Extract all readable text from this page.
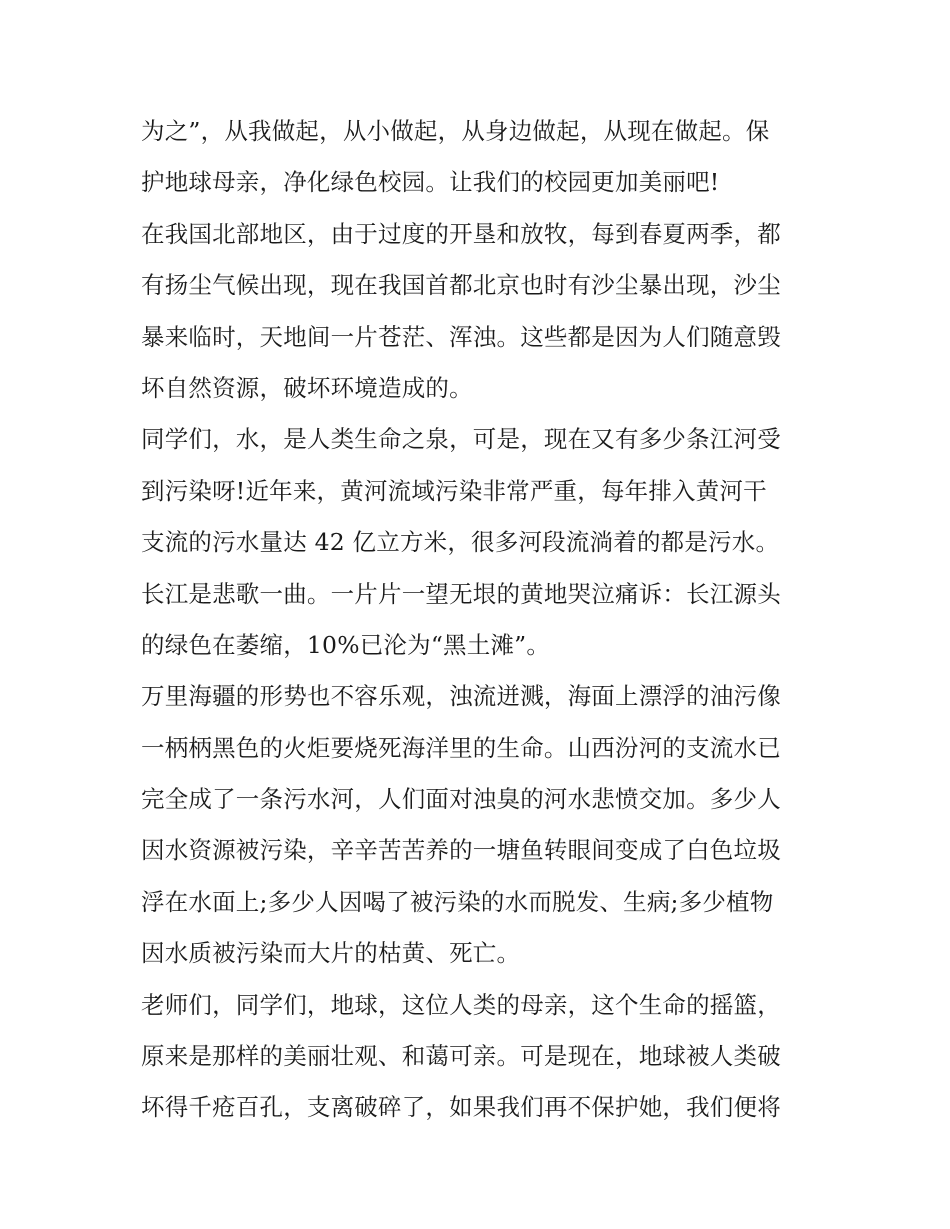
为之”，从我做起，从小做起，从身边做起，从现在做起。保
护地球母亲，净化绿色校园。让我们的校园更加美丽吧!
在我国北部地区，由于过度的开垦和放牧，每到春夏两季，都
有扬尘气候出现，现在我国首都北京也时有沙尘暴出现，沙尘
暴来临时，天地间一片苍茫、浑浊。这些都是因为人们随意毁
坏自然资源，破坏环境造成的。
同学们，水，是人类生命之泉，可是，现在又有多少条江河受
到污染呀!近年来，黄河流域污染非常严重，每年排入黄河干
支流的污水量达 42 亿立方米，很多河段流淌着的都是污水。
长江是悲歌一曲。一片片一望无垠的黄地哭泣痛诉：长江源头
的绿色在萎缩，10%已沦为“黑土滩”。
万里海疆的形势也不容乐观，浊流迸溅，海面上漂浮的油污像
一柄柄黑色的火炬要烧死海洋里的生命。山西汾河的支流水已
完全成了一条污水河，人们面对浊臭的河水悲愤交加。多少人
因水资源被污染，辛辛苦苦养的一塘鱼转眼间变成了白色垃圾
浮在水面上;多少人因喝了被污染的水而脱发、生病;多少植物
因水质被污染而大片的枯黄、死亡。
老师们，同学们，地球，这位人类的母亲，这个生命的摇篮，
原来是那样的美丽壮观、和蔼可亲。可是现在，地球被人类破
坏得千疮百孔，支离破碎了，如果我们再不保护她，我们便将
